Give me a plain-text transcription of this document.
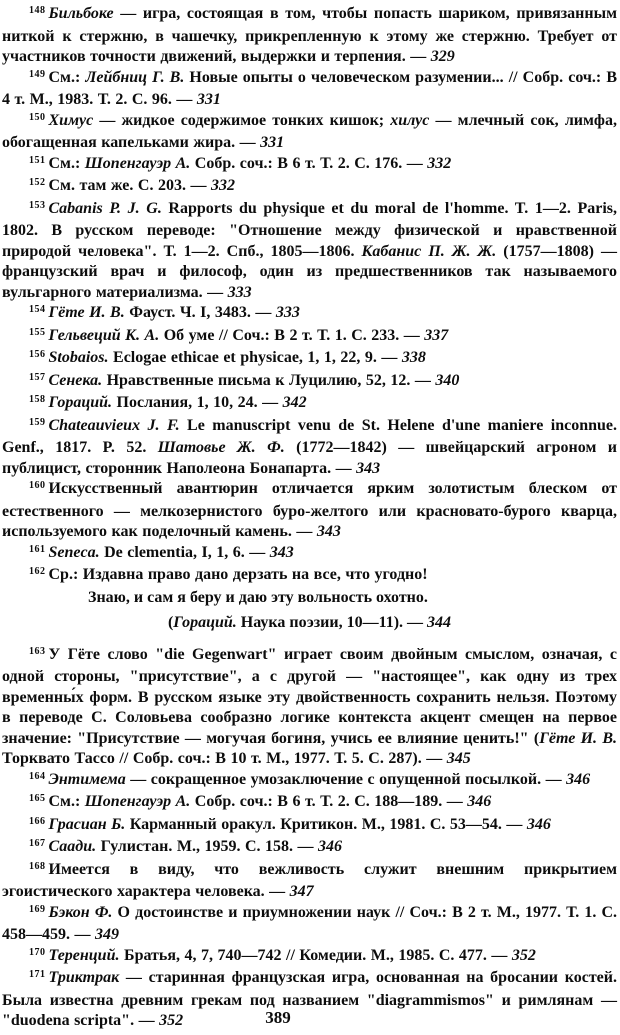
$^{148}$ Бильбоке — игра, состоящая в том, чтобы попасть шариком, привязанным ниткой к стержню, в чашечку, прикрепленную к этому же стержню. Требует от участников точности движений, выдержки и терпения. — 329

$^{149}$ См.: Лейбниц Г. В. Новые опыты о человеческом разумении... // Собр. соч.: В 4 т. М., 1983. Т. 2. С. 96. — 331

$^{150}$ Химус — жидкое содержимое тонких кишок; хилус — млечный сок, лимфа, обогащенная капельками жира. — 331

$^{151}$ См.: Шопенгауэр А. Собр. соч.: В 6 т. Т. 2. С. 176. — 332

$^{152}$ См. там же. С. 203. — 332

$^{153}$ Cabanis P. J. G. Rapports du physique et du moral de l'homme. T. 1—2. Paris, 1802. В русском переводе: "Отношение между физической и нравственной природой человека". Т. 1—2. Спб., 1805—1806. Кабанис П. Ж. Ж. (1757—1808) — французский врач и философ, один из предшественников так называемого вульгарного материализма. — 333

$^{154}$ Гёте И. В. Фауст. Ч. I, 3483. — 333

$^{155}$ Гельвеций К. А. Об уме // Соч.: В 2 т. Т. 1. С. 233. — 337

$^{156}$ Stobaios. Eclogae ethicae et physicae, 1, 1, 22, 9. — 338

$^{157}$ Сенека. Нравственные письма к Луцилию, 52, 12. — 340

$^{158}$ Гораций. Послания, 1, 10, 24. — 342

$^{159}$ Chateauvieux J. F. Le manuscript venu de St. Helene d'une maniere inconnue. Genf., 1817. P. 52. Шатовье Ж. Ф. (1772—1842) — швейцарский агроном и публицист, сторонник Наполеона Бонапарта. — 343

$^{160}$ Искусственный авантюрин отличается ярким золотистым блеском от естественного — мелкозернистого буро-желтого или красновато-бурого кварца, используемого как поделочный камень. — 343

$^{161}$ Seneca. De clementia, I, 1, 6. — 343

$^{162}$ Ср.: Издавна право дано дерзать на все, что угодно!

Знаю, и сам я беру и даю эту вольность охотно.
(Гораций. Наука поэзии, 10—11). — 344

$^{163}$ У Гёте слово "die Gegenwart" играет своим двойным смыслом, означая, с одной стороны, "присутствие", а с другой — "настоящее", как одну из трех временны́х форм. В русском языке эту двойственность сохранить нельзя. Поэтому в переводе С. Соловьева сообразно логике контекста акцент смещен на первое значение: "Присутствие — могучая богиня, учись ее влияние ценить!" (Гёте И. В. Торквато Тассо // Собр. соч.: В 10 т. М., 1977. Т. 5. С. 287). — 345

$^{164}$ Энтимема — сокращенное умозаключение с опущенной посылкой. — 346

$^{165}$ См.: Шопенгауэр А. Собр. соч.: В 6 т. Т. 2. С. 188—189. — 346

$^{166}$ Грасиан Б. Карманный оракул. Критикон. М., 1981. С. 53—54. — 346

$^{167}$ Саади. Гулистан. М., 1959. С. 158. — 346

$^{168}$ Имеется в виду, что вежливость служит внешним прикрытием эгоистического характера человека. — 347

$^{169}$ Бэкон Ф. О достоинстве и приумножении наук // Соч.: В 2 т. М., 1977. Т. 1. С. 458—459. — 349

$^{170}$ Теренций. Братья, 4, 7, 740—742 // Комедии. М., 1985. С. 477. — 352

$^{171}$ Триктрак — старинная французская игра, основанная на бросании костей. Была известна древним грекам под названием "diagrammismos" и римлянам — "duodena scripta". — 352	389
